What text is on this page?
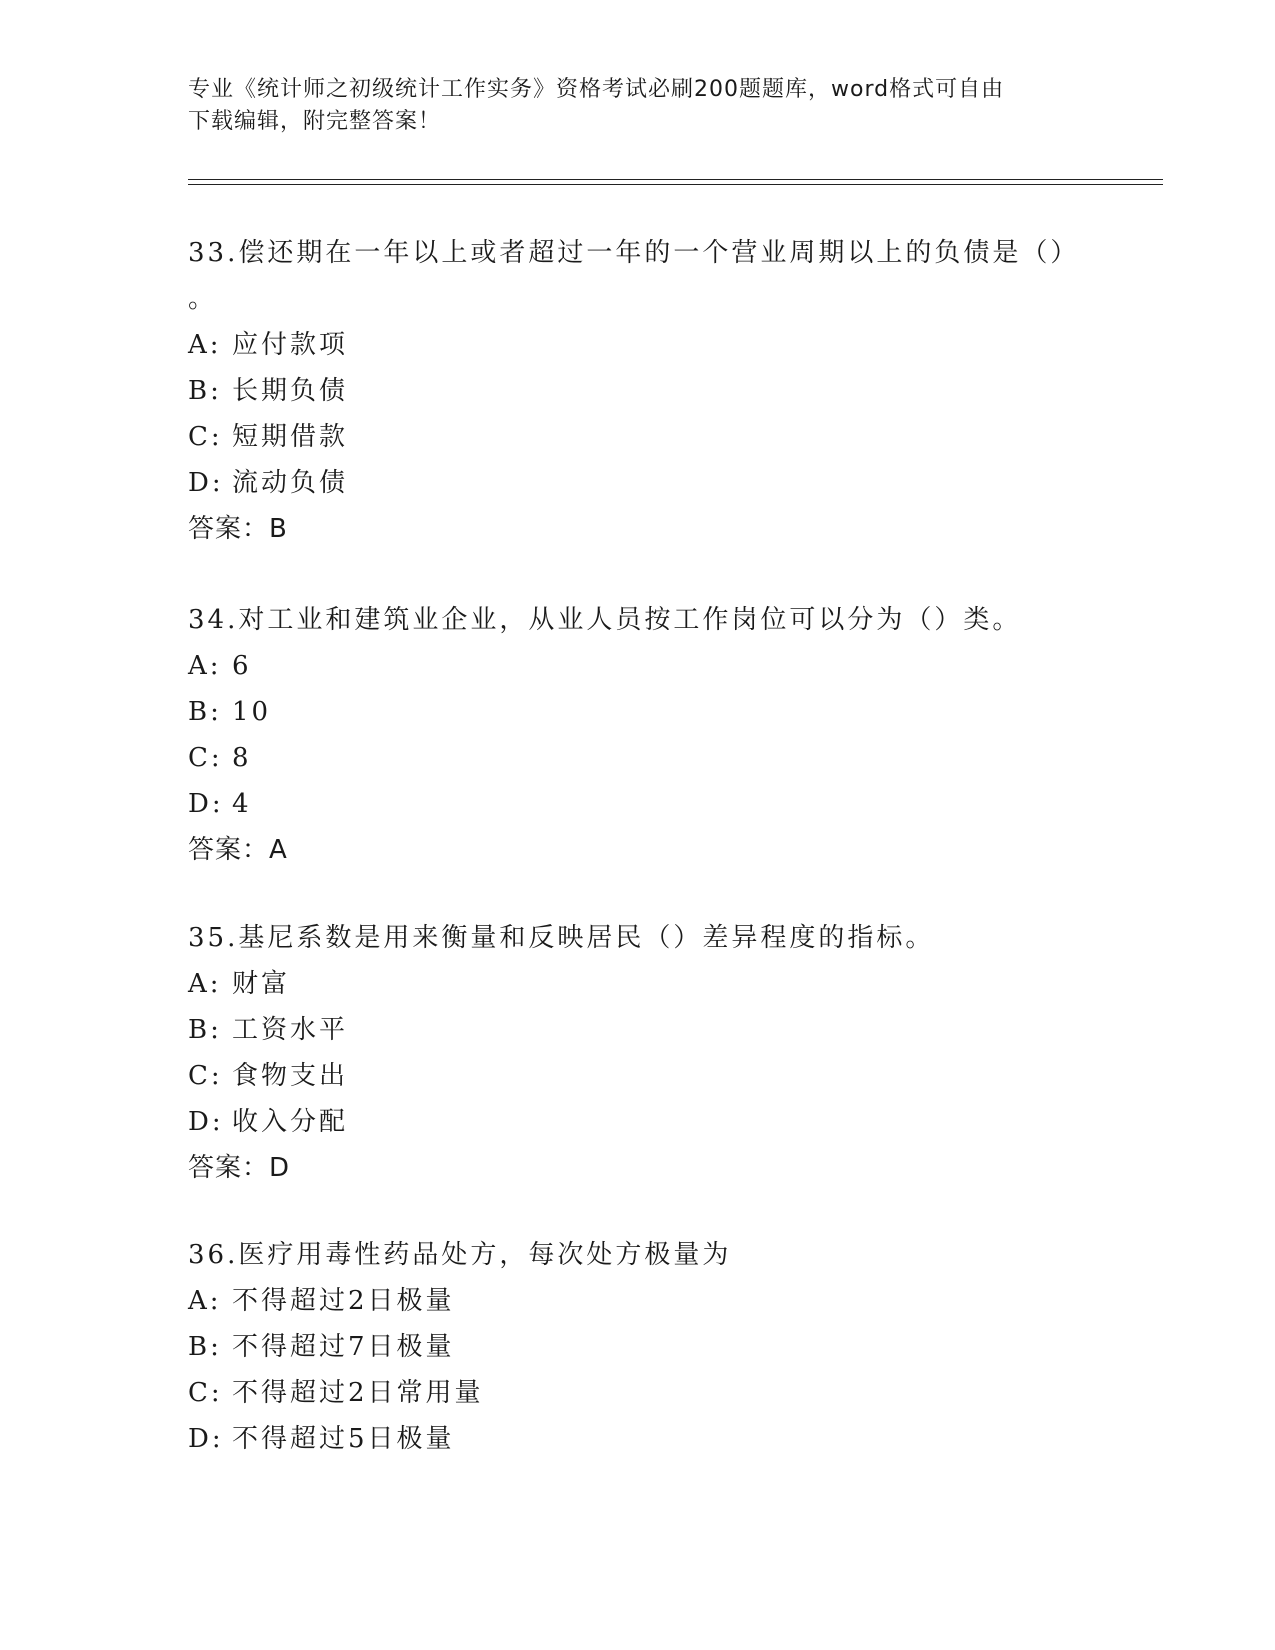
专业《统计师之初级统计工作实务》资格考试必刷200题题库，word格式可自由
下载编辑，附完整答案！
33.偿还期在一年以上或者超过一年的一个营业周期以上的负债是（）
。
A: 应付款项
B: 长期负债
C: 短期借款
D: 流动负债
答案：B
34.对工业和建筑业企业，从业人员按工作岗位可以分为（）类。
A: 6
B: 10
C: 8
D: 4
答案：A
35.基尼系数是用来衡量和反映居民（）差异程度的指标。
A: 财富
B: 工资水平
C: 食物支出
D: 收入分配
答案：D
36.医疗用毒性药品处方，每次处方极量为
A: 不得超过2日极量
B: 不得超过7日极量
C: 不得超过2日常用量
D: 不得超过5日极量
